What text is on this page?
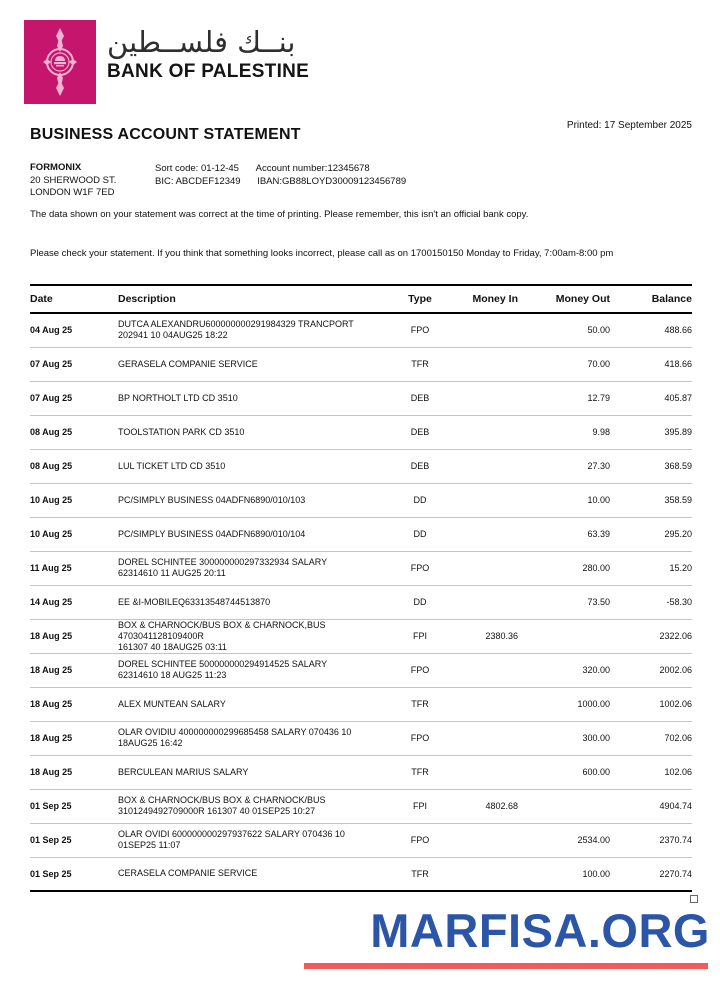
بنــك فلســطين
BANK OF PALESTINE
BUSINESS ACCOUNT STATEMENT
Printed: 17 September 2025
FORMONIX
20 SHERWOOD ST.
LONDON W1F 7ED
Sort code: 01-12-45 Account number:12345678
BIC: ABCDEF12349 IBAN:GB88LOYD30009123456789
The data shown on your statement was correct at the time of printing. Please remember, this isn't an official bank copy.
Please check your statement. If you think that something looks incorrect, please call as on 1700150150 Monday to Friday, 7:00am-8:00 pm
Date	Description	Type	Money In	Money Out	Balance
04 Aug 25	DUTCA ALEXANDRU600000000291984329 TRANCPORT
202941 10 04AUG25 18:22	FPO		50.00	488.66
07 Aug 25	GERASELA COMPANIE SERVICE	TFR		70.00	418.66
07 Aug 25	BP NORTHOLT LTD CD 3510	DEB		12.79	405.87
08 Aug 25	TOOLSTATION PARK CD 3510	DEB		9.98	395.89
08 Aug 25	LUL TICKET LTD CD 3510	DEB		27.30	368.59
10 Aug 25	PC/SIMPLY BUSINESS 04ADFN6890/010/103	DD		10.00	358.59
10 Aug 25	PC/SIMPLY BUSINESS 04ADFN6890/010/104	DD		63.39	295.20
11 Aug 25	DOREL SCHINTEE 300000000297332934 SALARY
62314610 11 AUG25 20:11	FPO		280.00	15.20
14 Aug 25	EE &I-MOBILEQ63313548744513870	DD		73.50	-58.30
18 Aug 25	BOX & CHARNOCK/BUS BOX & CHARNOCK,BUS 4703041128109400R
161307 40 18AUG25 03:11	FPI	2380.36		2322.06
18 Aug 25	DOREL SCHINTEE 500000000294914525 SALARY
62314610 18 AUG25 11:23	FPO		320.00	2002.06
18 Aug 25	ALEX MUNTEAN SALARY	TFR		1000.00	1002.06
18 Aug 25	OLAR OVIDIU 400000000299685458 SALARY 070436 10
18AUG25 16:42	FPO		300.00	702.06
18 Aug 25	BERCULEAN MARIUS SALARY	TFR		600.00	102.06
01 Sep 25	BOX & CHARNOCK/BUS BOX & CHARNOCK/BUS
3101249492709000R 161307 40 01SEP25 10:27	FPI	4802.68		4904.74
01 Sep 25	OLAR OVIDI 600000000297937622 SALARY 070436 10
01SEP25 11:07	FPO		2534.00	2370.74
01 Sep 25	CERASELA COMPANIE SERVICE	TFR		100.00	2270.74
MARFISA.ORG
